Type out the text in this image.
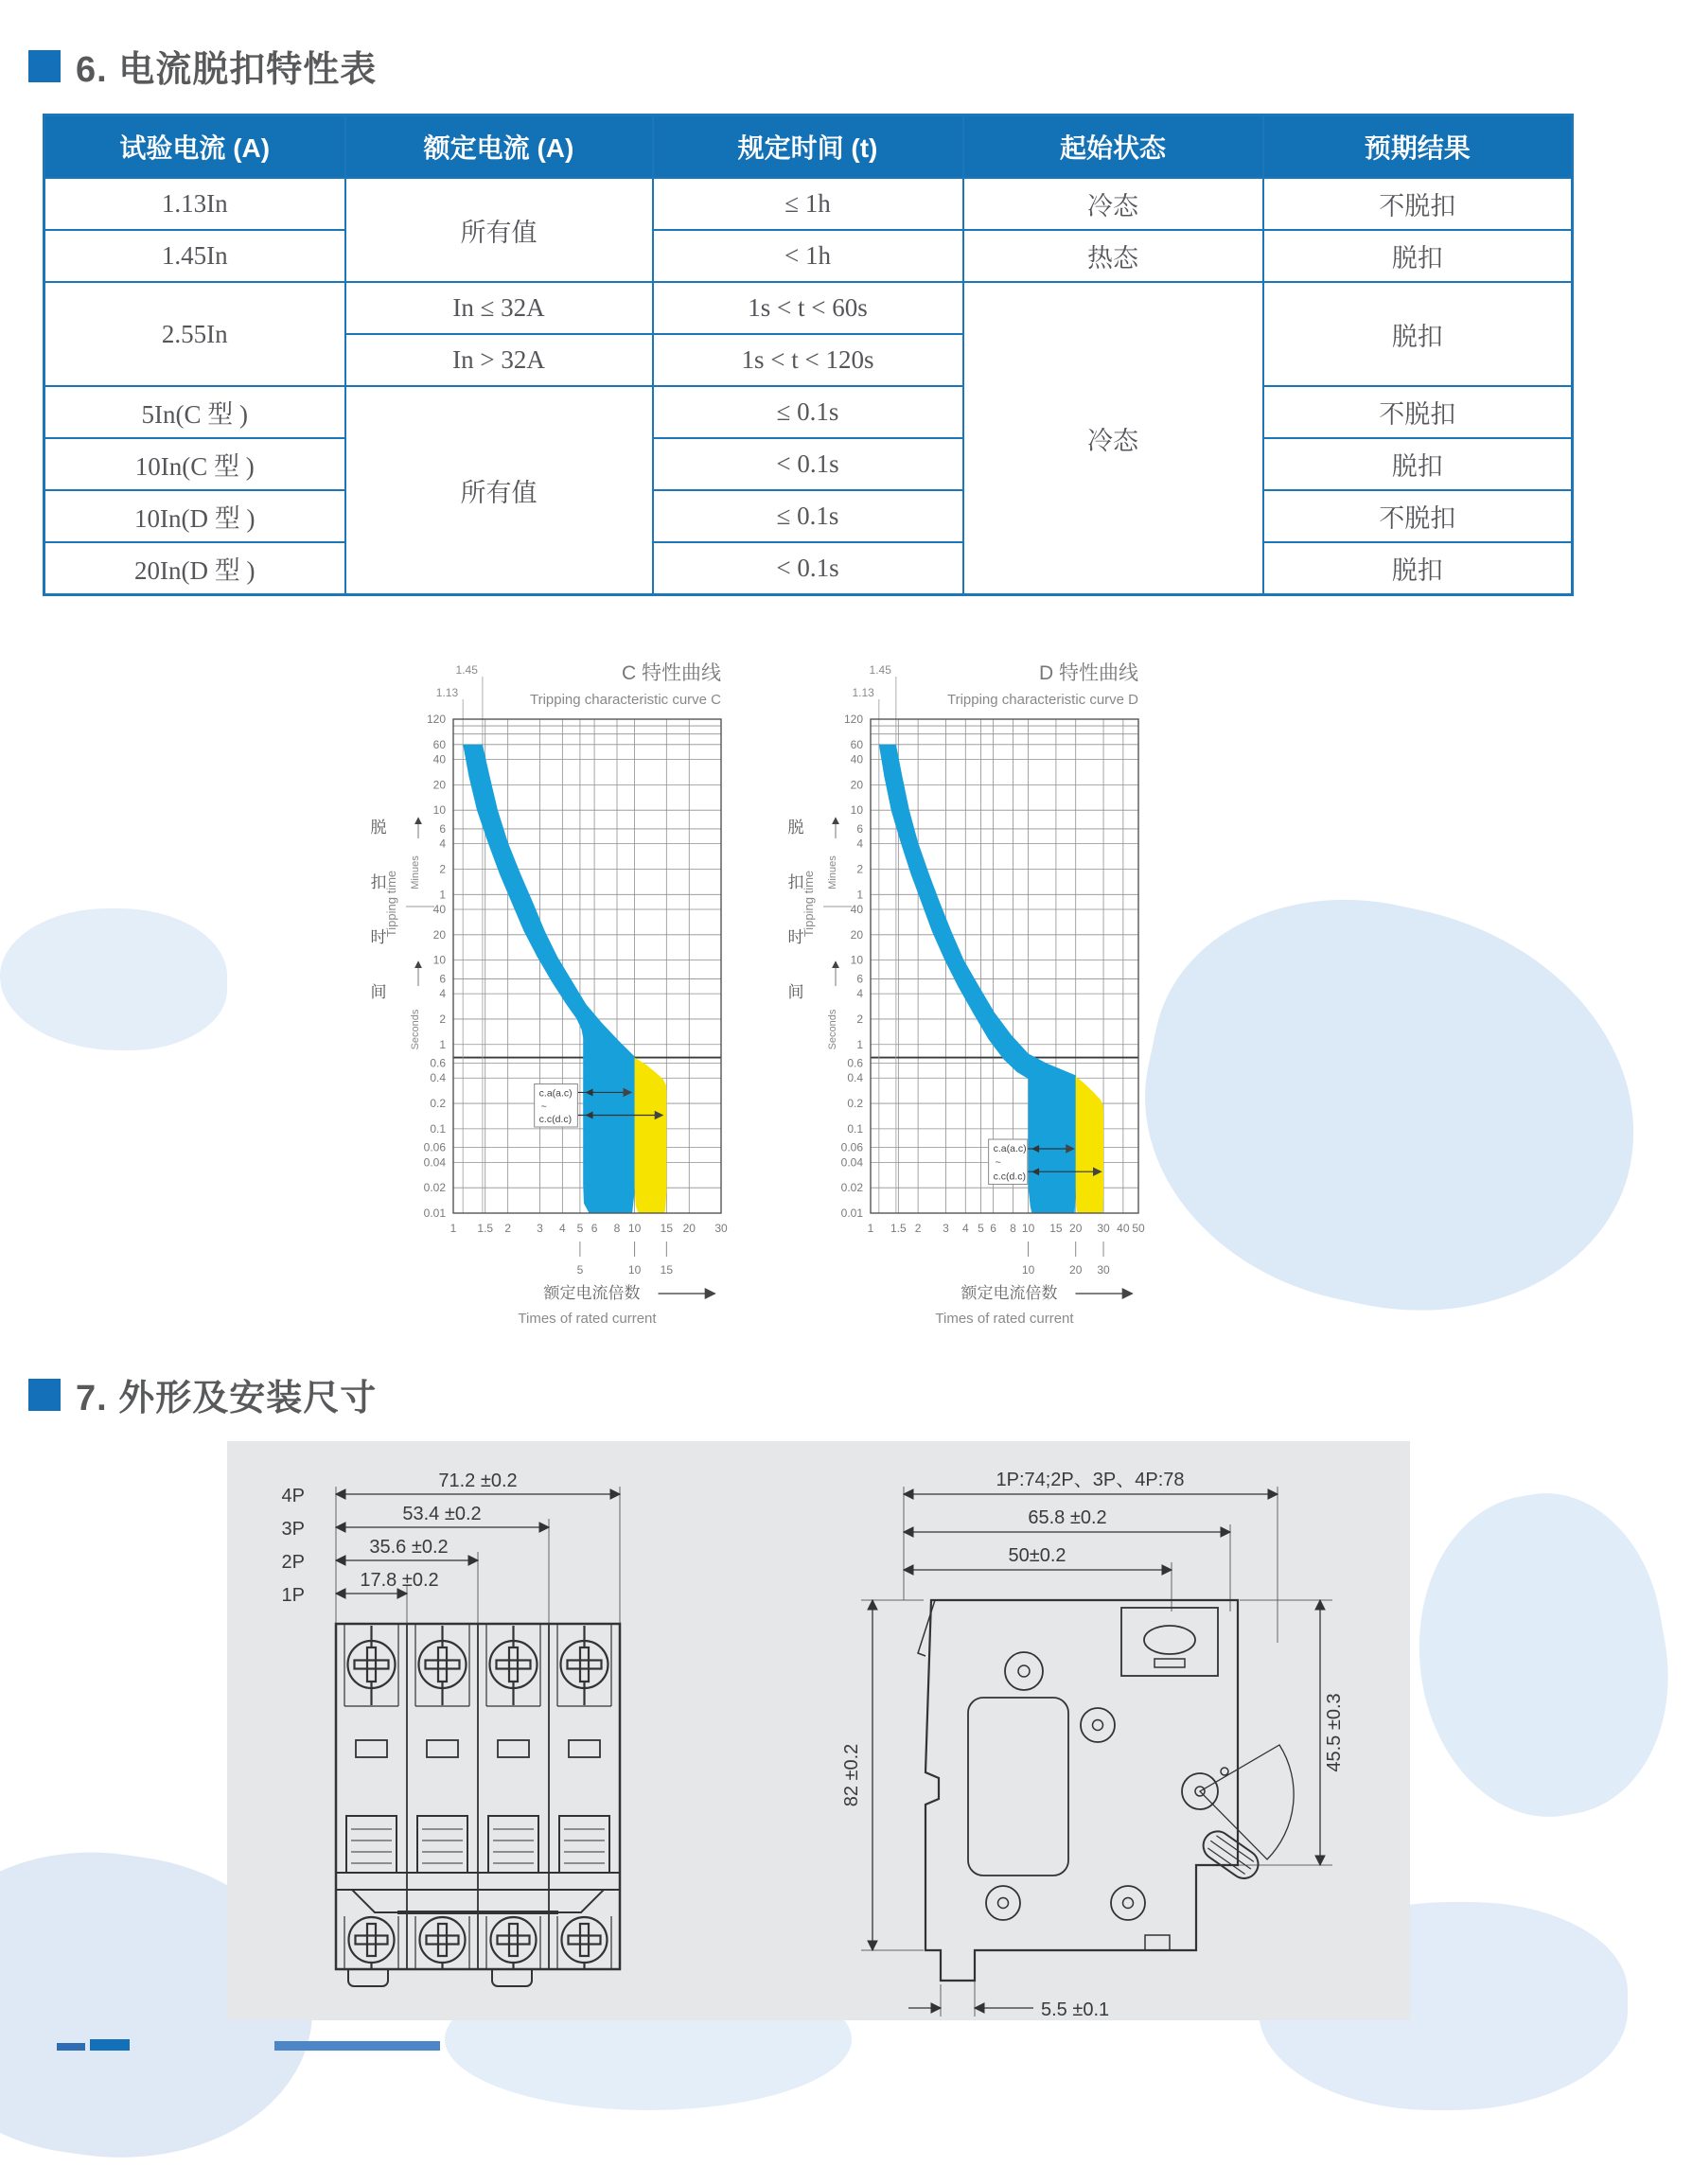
6. 电流脱扣特性表
试验电流 (A)	额定电流 (A)	规定时间 (t)	起始状态	预期结果
1.13In	所有值	≤ 1h	冷态	不脱扣
1.45In		< 1h	热态	脱扣
2.55In	In ≤ 32A	1s < t < 60s	冷态	脱扣
	In > 32A	1s < t < 120s		
5In(C 型 )	所有值	≤ 0.1s		不脱扣
10In(C 型 )		< 0.1s		脱扣
10In(D 型 )		≤ 0.1s		不脱扣
20In(D 型 )		< 0.1s		脱扣
1.45
1.13
C 特性曲线
Tripping characteristic curve C
120
60
40
20
10
6
4
2
1
40
20
10
6
4
2
1
0.6
0.4
0.2
0.1
0.06
0.04
0.02
0.01
1 1.5 2 3 4 5 6 8 10 15 20 30
5	10 15
额定电流倍数
Times of rated current
脱
扣
时
间
Tipping time Minues
Seconds
c.a(a.c)
~
c.c(d.c)
1.45
1.13
D 特性曲线
Tripping characteristic curve D
120
60
40
20
10
6
4
2
1
40
20
10
6
4
2
1
0.6
0.4
0.2
0.1
0.06
0.04
0.02
0.01
1 1.5 2 3 4 5 6 8 10 15 20 30 40 50
10	20 30
额定电流倍数
Times of rated current
脱
扣
时
间
Tipping time Minues
Seconds
c.a(a.c)
~
c.c(d.c)
7. 外形及安装尺寸
4P
3P
2P
1P
71.2 ±0.2
53.4 ±0.2
35.6 ±0.2
17.8 ±0.2
1P:74;2P、3P、4P:78
65.8 ±0.2
50±0.2
82 ±0.2
45.5 ±0.3
5.5 ±0.1
